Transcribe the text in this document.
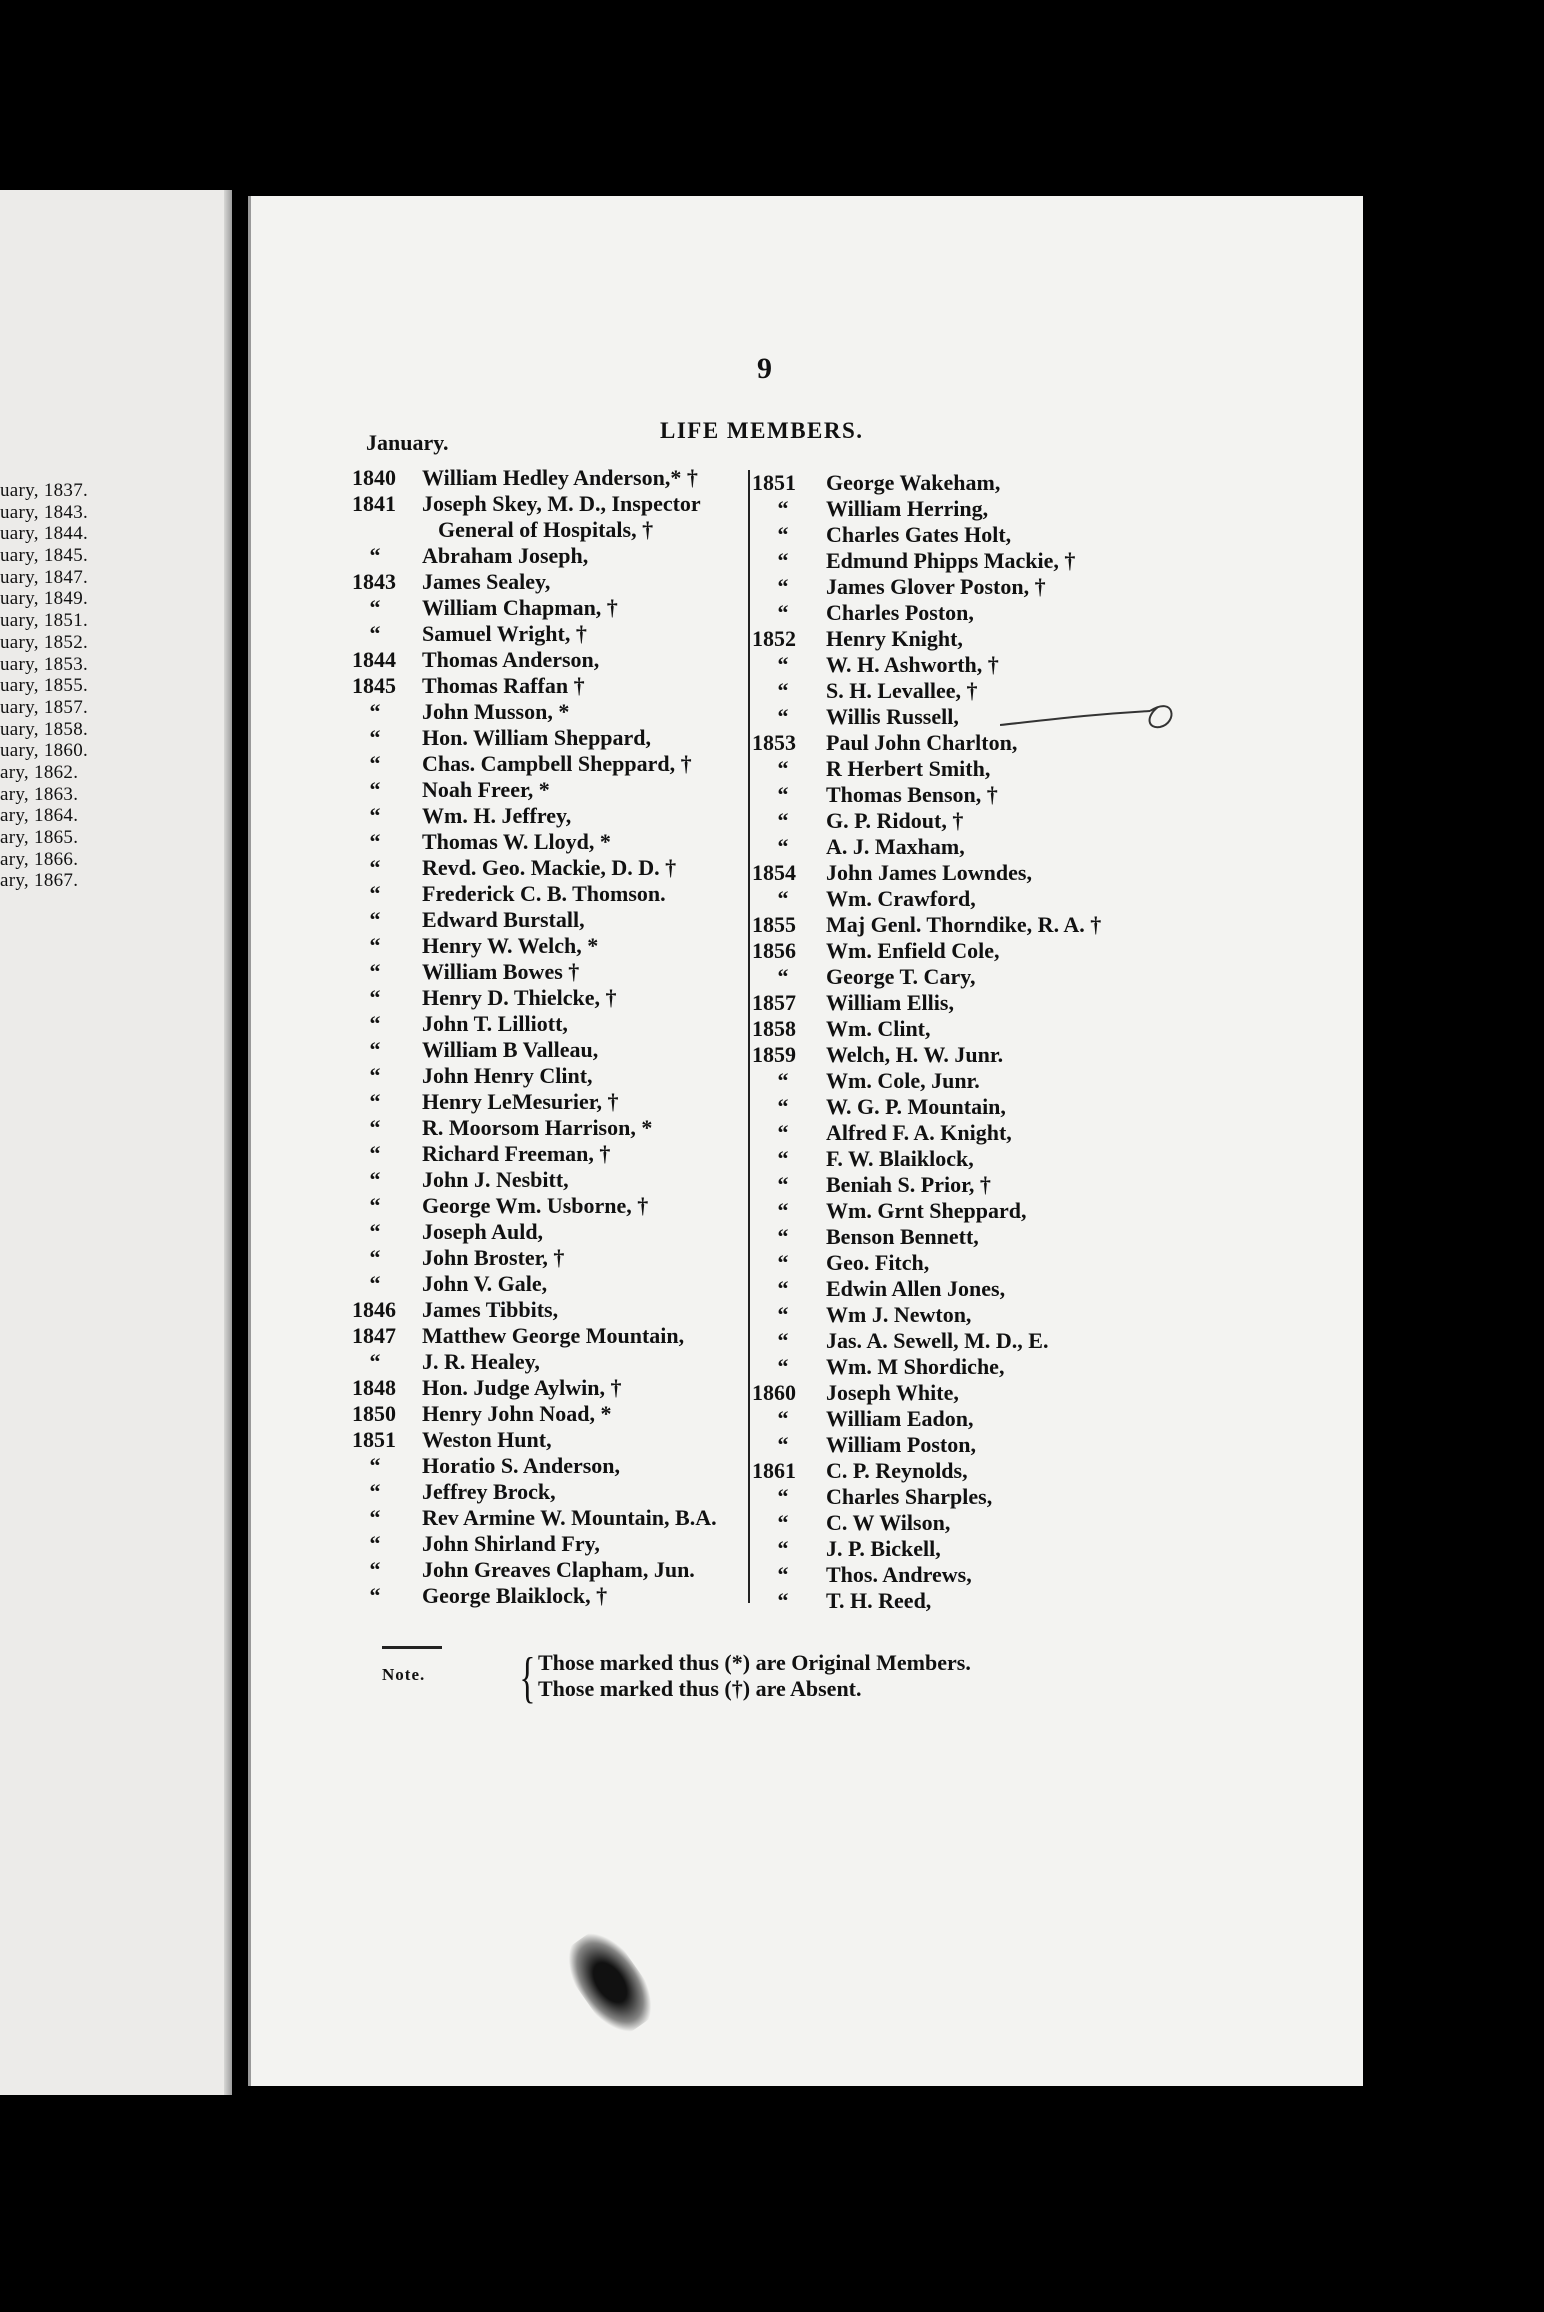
uary, 1837.
uary, 1843.
uary, 1844.
uary, 1845.
uary, 1847.
uary, 1849.
uary, 1851.
uary, 1852.
uary, 1853.
uary, 1855.
uary, 1857.
uary, 1858.
uary, 1860.
ary, 1862.
ary, 1863.
ary, 1864.
ary, 1865.
ary, 1866.
ary, 1867.
9
LIFE MEMBERS.
January.
1840	William Hedley Anderson,* †
1841	Joseph Skey, M. D., Inspector
General of Hospitals, †
“ Abraham Joseph,
1843	James Sealey,
“ William Chapman, †
“ Samuel Wright, †
1844	Thomas Anderson,
1845	Thomas Raffan †
“ John Musson, *
“ Hon. William Sheppard,
“ Chas. Campbell Sheppard, †
“ Noah Freer, *
“ Wm. H. Jeffrey,
“ Thomas W. Lloyd, *
“ Revd. Geo. Mackie, D. D. †
“ Frederick C. B. Thomson.
“ Edward Burstall,
“ Henry W. Welch, *
“ William Bowes †
“ Henry D. Thielcke, †
“ John T. Lilliott,
“ William B Valleau,
“ John Henry Clint,
“ Henry LeMesurier, †
“ R. Moorsom Harrison, *
“ Richard Freeman, †
“ John J. Nesbitt,
“ George Wm. Usborne, †
“ Joseph Auld,
“ John Broster, †
“ John V. Gale,
1846	James Tibbits,
1847	Matthew George Mountain,
“ J. R. Healey,
1848	Hon. Judge Aylwin, †
1850	Henry John Noad, *
1851	Weston Hunt,
“ Horatio S. Anderson,
“ Jeffrey Brock,
“ Rev Armine W. Mountain, B.A.
“ John Shirland Fry,
“ John Greaves Clapham, Jun.
“ George Blaiklock, †
1851	George Wakeham,
“ William Herring,
“ Charles Gates Holt,
“ Edmund Phipps Mackie, †
“ James Glover Poston, †
“ Charles Poston,
1852	Henry Knight,
“ W. H. Ashworth, †
“ S. H. Levallee, †
“ Willis Russell,
1853	Paul John Charlton,
“ R Herbert Smith,
“ Thomas Benson, †
“ G. P. Ridout, †
“ A. J. Maxham,
1854	John James Lowndes,
“ Wm. Crawford,
1855	Maj Genl. Thorndike, R. A. †
1856	Wm. Enfield Cole,
“ George T. Cary,
1857	William Ellis,
1858	Wm. Clint,
1859	Welch, H. W. Junr.
“ Wm. Cole, Junr.
“ W. G. P. Mountain,
“ Alfred F. A. Knight,
“ F. W. Blaiklock,
“ Beniah S. Prior, †
“ Wm. Grnt Sheppard,
“ Benson Bennett,
“ Geo. Fitch,
“ Edwin Allen Jones,
“ Wm J. Newton,
“ Jas. A. Sewell, M. D., E.
“ Wm. M Shordiche,
1860	Joseph White,
“ William Eadon,
“ William Poston,
1861	C. P. Reynolds,
“ Charles Sharples,
“ C. W Wilson,
“ J. P. Bickell,
“ Thos. Andrews,
“ T. H. Reed,
Note. { Those marked thus (*) are Original Members.
Those marked thus (†) are Absent.
